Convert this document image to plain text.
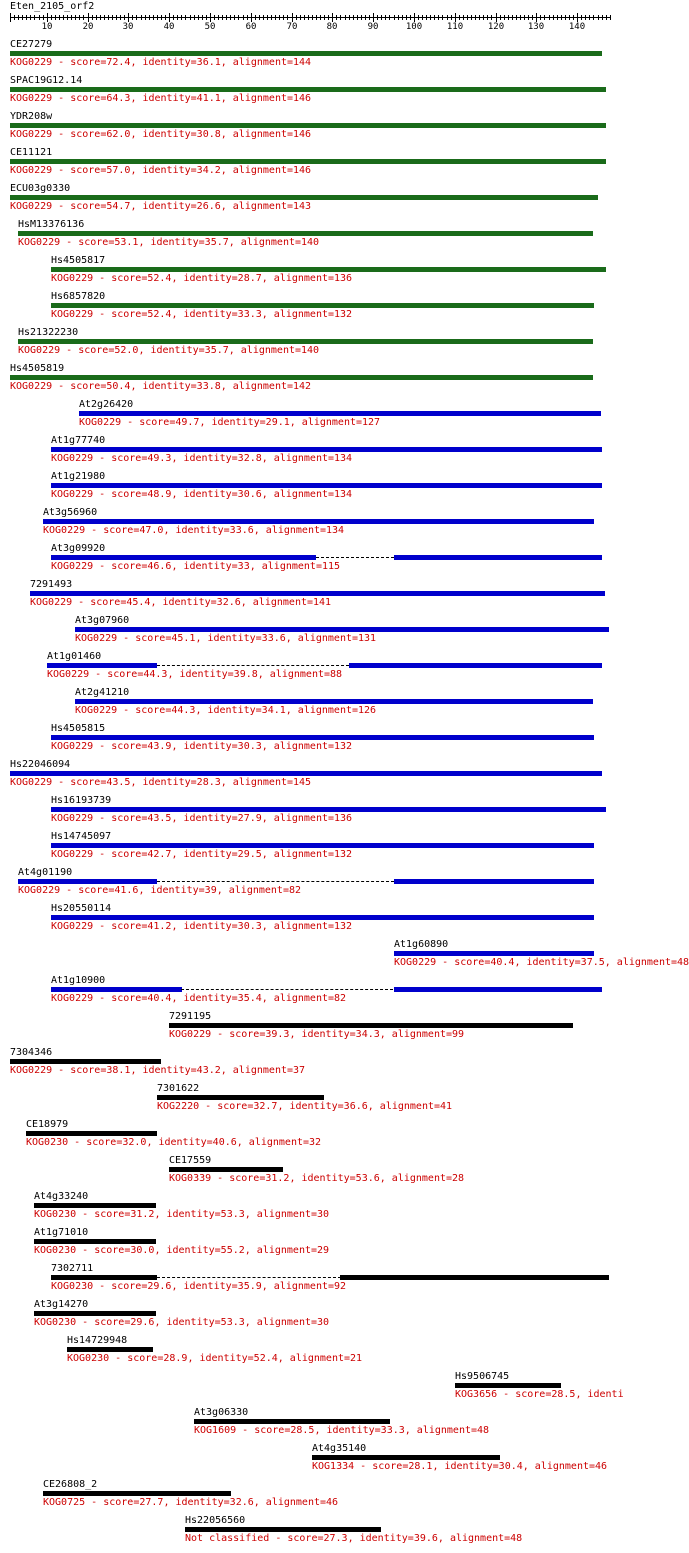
Eten_2105_orf2
10	20	30	40	50	60	70	80	90	100	110	120	130	140
CE27279
KOG0229 - score=72.4, identity=36.1, alignment=144
SPAC19G12.14
KOG0229 - score=64.3, identity=41.1, alignment=146
YDR208w
KOG0229 - score=62.0, identity=30.8, alignment=146
CE11121
KOG0229 - score=57.0, identity=34.2, alignment=146
ECU03g0330
KOG0229 - score=54.7, identity=26.6, alignment=143
HsM13376136
KOG0229 - score=53.1, identity=35.7, alignment=140
Hs4505817
KOG0229 - score=52.4, identity=28.7, alignment=136
Hs6857820
KOG0229 - score=52.4, identity=33.3, alignment=132
Hs21322230
KOG0229 - score=52.0, identity=35.7, alignment=140
Hs4505819
KOG0229 - score=50.4, identity=33.8, alignment=142
At2g26420
KOG0229 - score=49.7, identity=29.1, alignment=127
At1g77740
KOG0229 - score=49.3, identity=32.8, alignment=134
At1g21980
KOG0229 - score=48.9, identity=30.6, alignment=134
At3g56960
KOG0229 - score=47.0, identity=33.6, alignment=134
At3g09920
KOG0229 - score=46.6, identity=33, alignment=115
7291493
KOG0229 - score=45.4, identity=32.6, alignment=141
At3g07960
KOG0229 - score=45.1, identity=33.6, alignment=131
At1g01460
KOG0229 - score=44.3, identity=39.8, alignment=88
At2g41210
KOG0229 - score=44.3, identity=34.1, alignment=126
Hs4505815
KOG0229 - score=43.9, identity=30.3, alignment=132
Hs22046094
KOG0229 - score=43.5, identity=28.3, alignment=145
Hs16193739
KOG0229 - score=43.5, identity=27.9, alignment=136
Hs14745097
KOG0229 - score=42.7, identity=29.5, alignment=132
At4g01190
KOG0229 - score=41.6, identity=39, alignment=82
Hs20550114
KOG0229 - score=41.2, identity=30.3, alignment=132
At1g60890
KOG0229 - score=40.4, identity=37.5, alignment=48
At1g10900
KOG0229 - score=40.4, identity=35.4, alignment=82
7291195
KOG0229 - score=39.3, identity=34.3, alignment=99
7304346
KOG0229 - score=38.1, identity=43.2, alignment=37
7301622
KOG2220 - score=32.7, identity=36.6, alignment=41
CE18979
KOG0230 - score=32.0, identity=40.6, alignment=32
CE17559
KOG0339 - score=31.2, identity=53.6, alignment=28
At4g33240
KOG0230 - score=31.2, identity=53.3, alignment=30
At1g71010
KOG0230 - score=30.0, identity=55.2, alignment=29
7302711
KOG0230 - score=29.6, identity=35.9, alignment=92
At3g14270
KOG0230 - score=29.6, identity=53.3, alignment=30
Hs14729948
KOG0230 - score=28.9, identity=52.4, alignment=21
Hs9506745
KOG3656 - score=28.5, identi
At3g06330
KOG1609 - score=28.5, identity=33.3, alignment=48
At4g35140
KOG1334 - score=28.1, identity=30.4, alignment=46
CE26808_2
KOG0725 - score=27.7, identity=32.6, alignment=46
Hs22056560
Not classified - score=27.3, identity=39.6, alignment=48
